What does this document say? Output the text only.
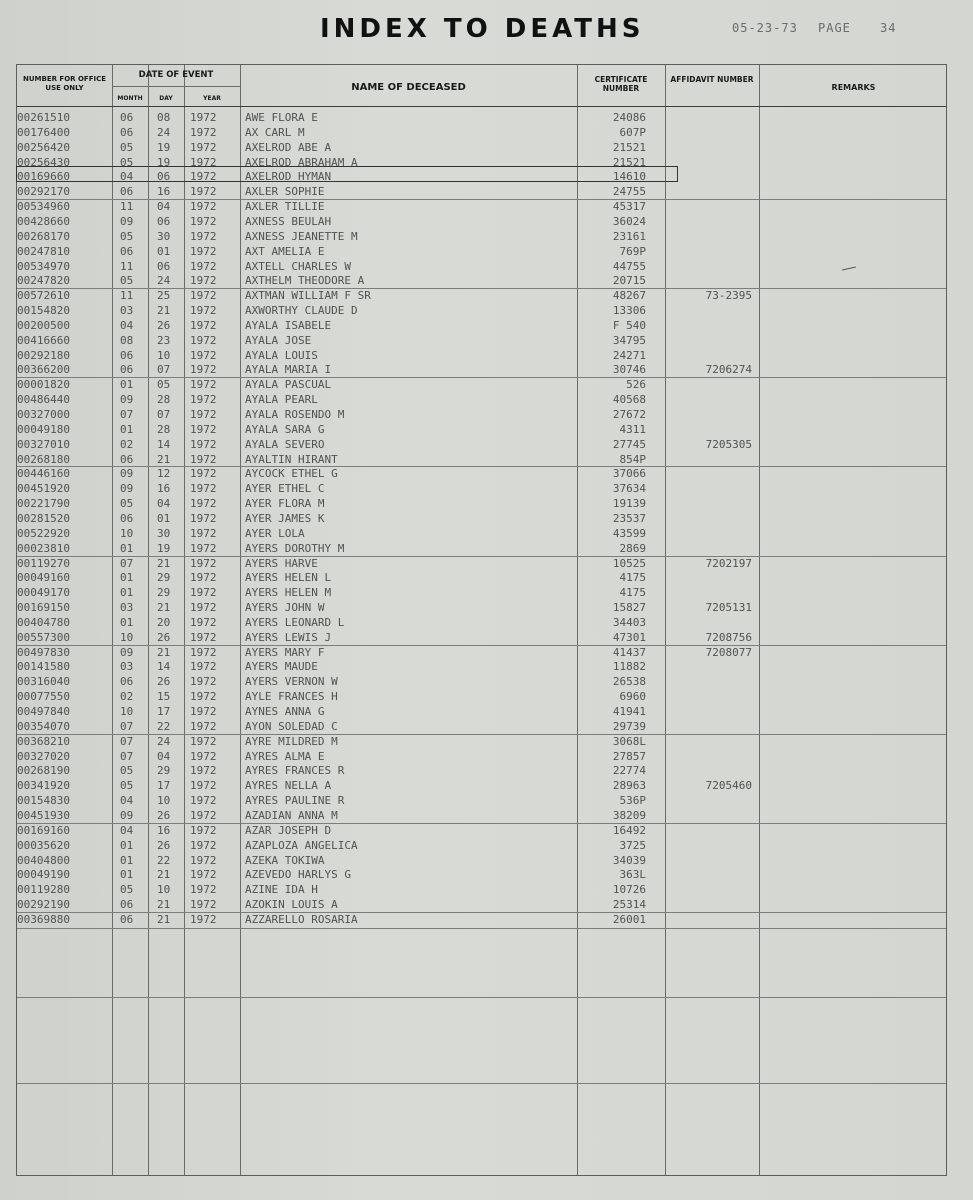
INDEX TO DEATHS	05-23-73 PAGE 34
NUMBER FOR OFFICE USE ONLY
DATE OF EVENT
MONTH	DAY	YEAR
NAME OF DECEASED
CERTIFICATE NUMBER
AFFIDAVIT NUMBER
REMARKS
00261510	06 08 1972	AWE FLORA E	24086
00176400	06 24 1972	AX CARL M	607P
00256420	05 19 1972	AXELROD ABE A	21521
00256430	05 19 1972	AXELROD ABRAHAM A	21521
00169660	04 06 1972	AXELROD HYMAN	14610
00292170	06 16 1972	AXLER SOPHIE	24755
00534960	11 04 1972	AXLER TILLIE	45317
00428660	09 06 1972	AXNESS BEULAH	36024
00268170	05 30 1972	AXNESS JEANETTE M	23161
00247810	06 01 1972	AXT AMELIA E	769P
00534970	11 06 1972	AXTELL CHARLES W	44755
00247820	05 24 1972	AXTHELM THEODORE A	20715
00572610	11 25 1972	AXTMAN WILLIAM F SR	48267	73-2395
00154820	03 21 1972	AXWORTHY CLAUDE D	13306
00200500	04 26 1972	AYALA ISABELE	F 540
00416660	08 23 1972	AYALA JOSE	34795
00292180	06 10 1972	AYALA LOUIS	24271
00366200	06 07 1972	AYALA MARIA I	30746	7206274
00001820	01 05 1972	AYALA PASCUAL	526
00486440	09 28 1972	AYALA PEARL	40568
00327000	07 07 1972	AYALA ROSENDO M	27672
00049180	01 28 1972	AYALA SARA G	4311
00327010	02 14 1972	AYALA SEVERO	27745	7205305
00268180	06 21 1972	AYALTIN HIRANT	854P
00446160	09 12 1972	AYCOCK ETHEL G	37066
00451920	09 16 1972	AYER ETHEL C	37634
00221790	05 04 1972	AYER FLORA M	19139
00281520	06 01 1972	AYER JAMES K	23537
00522920	10 30 1972	AYER LOLA	43599
00023810	01 19 1972	AYERS DOROTHY M	2869
00119270	07 21 1972	AYERS HARVE	10525	7202197
00049160	01 29 1972	AYERS HELEN L	4175
00049170	01 29 1972	AYERS HELEN M	4175
00169150	03 21 1972	AYERS JOHN W	15827	7205131
00404780	01 20 1972	AYERS LEONARD L	34403
00557300	10 26 1972	AYERS LEWIS J	47301	7208756
00497830	09 21 1972	AYERS MARY F	41437	7208077
00141580	03 14 1972	AYERS MAUDE	11882
00316040	06 26 1972	AYERS VERNON W	26538
00077550	02 15 1972	AYLE FRANCES H	6960
00497840	10 17 1972	AYNES ANNA G	41941
00354070	07 22 1972	AYON SOLEDAD C	29739
00368210	07 24 1972	AYRE MILDRED M	3068L
00327020	07 04 1972	AYRES ALMA E	27857
00268190	05 29 1972	AYRES FRANCES R	22774
00341920	05 17 1972	AYRES NELLA A	28963	7205460
00154830	04 10 1972	AYRES PAULINE R	536P
00451930	09 26 1972	AZADIAN ANNA M	38209
00169160	04 16 1972	AZAR JOSEPH D	16492
00035620	01 26 1972	AZAPLOZA ANGELICA	3725
00404800	01 22 1972	AZEKA TOKIWA	34039
00049190	01 21 1972	AZEVEDO HARLYS G	363L
00119280	05 10 1972	AZINE IDA H	10726
00292190	06 21 1972	AZOKIN LOUIS A	25314
00369880	06 21 1972	AZZARELLO ROSARIA	26001
